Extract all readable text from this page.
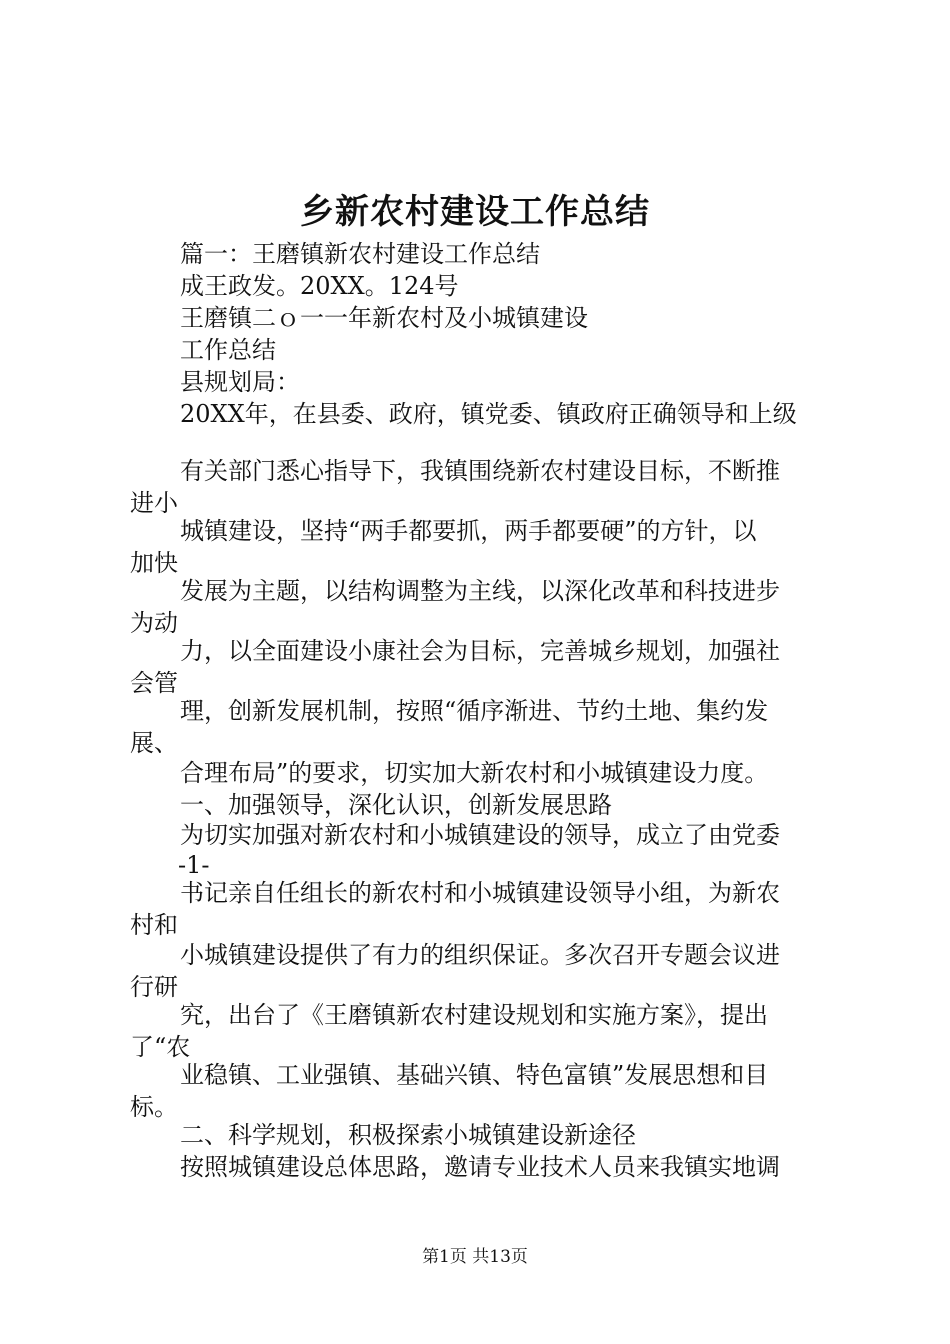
乡新农村建设工作总结
篇一：王磨镇新农村建设工作总结
成王政发。20XX。124号
王磨镇二ｏ一一年新农村及小城镇建设
工作总结
县规划局：
20XX年，在县委、政府，镇党委、镇政府正确领导和上级
有关部门悉心指导下，我镇围绕新农村建设目标，不断推
进小
城镇建设，坚持“两手都要抓，两手都要硬”的方针，以
加快
发展为主题，以结构调整为主线，以深化改革和科技进步
为动
力，以全面建设小康社会为目标，完善城乡规划，加强社
会管
理，创新发展机制，按照“循序渐进、节约土地、集约发
展、
合理布局”的要求，切实加大新农村和小城镇建设力度。
一、加强领导，深化认识，创新发展思路
为切实加强对新农村和小城镇建设的领导，成立了由党委
-1-
书记亲自任组长的新农村和小城镇建设领导小组，为新农
村和
小城镇建设提供了有力的组织保证。多次召开专题会议进
行研
究，出台了《王磨镇新农村建设规划和实施方案》，提出
了“农
业稳镇、工业强镇、基础兴镇、特色富镇”发展思想和目
标。
二、科学规划，积极探索小城镇建设新途径
按照城镇建设总体思路，邀请专业技术人员来我镇实地调
第1页 共13页
